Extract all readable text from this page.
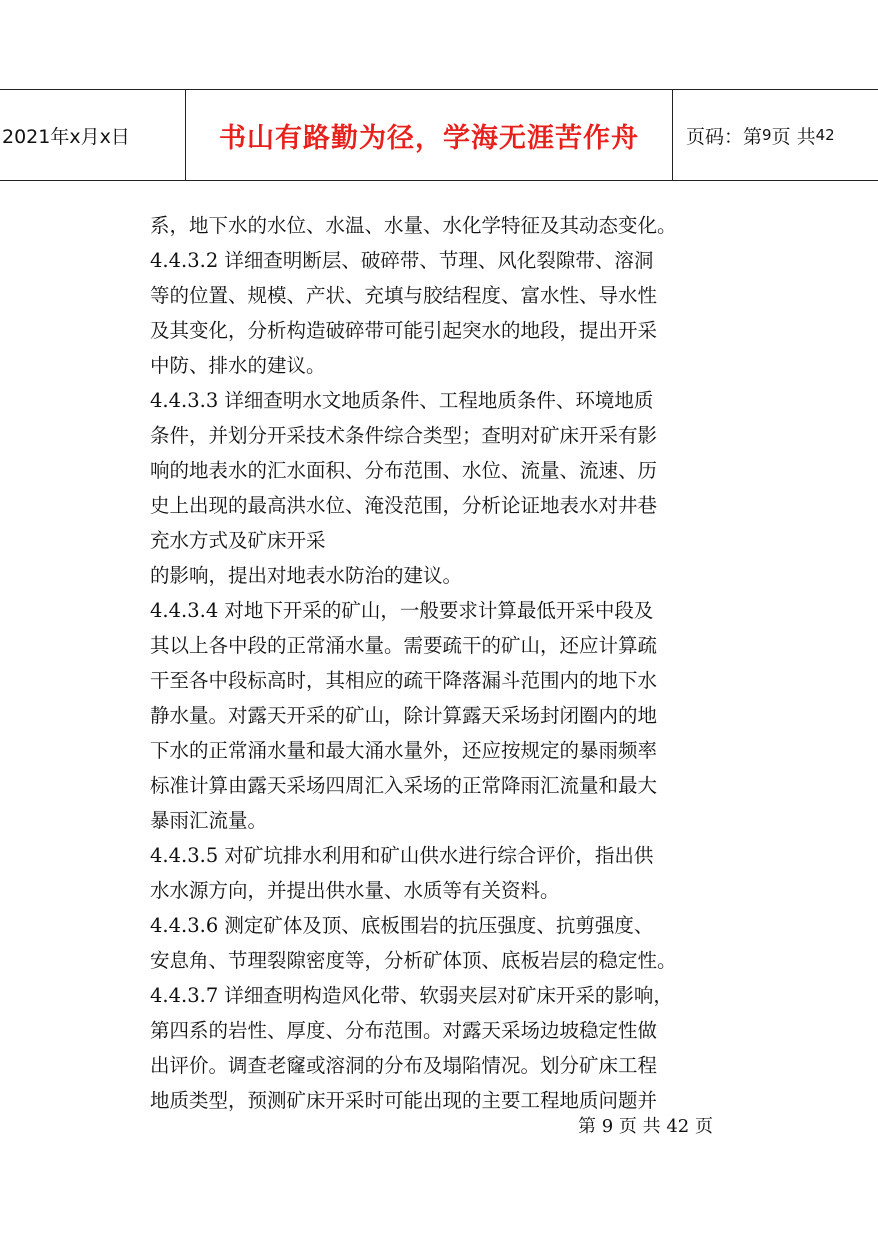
2021年x月x日	书山有路勤为径，学海无涯苦作舟	页码：第 9 页 共 42
系，地下水的水位、水温、水量、水化学特征及其动态变化。
4.4.3.2 详细查明断层、破碎带、节理、风化裂隙带、溶洞
等的位置、规模、产状、充填与胶结程度、富水性、导水性
及其变化，分析构造破碎带可能引起突水的地段，提出开采
中防、排水的建议。
4.4.3.3 详细查明水文地质条件、工程地质条件、环境地质
条件，并划分开采技术条件综合类型；查明对矿床开采有影
响的地表水的汇水面积、分布范围、水位、流量、流速、历
史上出现的最高洪水位、淹没范围，分析论证地表水对井巷
充水方式及矿床开采
的影响，提出对地表水防治的建议。
4.4.3.4 对地下开采的矿山，一般要求计算最低开采中段及
其以上各中段的正常涌水量。需要疏干的矿山，还应计算疏
干至各中段标高时，其相应的疏干降落漏斗范围内的地下水
静水量。对露天开采的矿山，除计算露天采场封闭圈内的地
下水的正常涌水量和最大涌水量外，还应按规定的暴雨频率
标准计算由露天采场四周汇入采场的正常降雨汇流量和最大
暴雨汇流量。
4.4.3.5 对矿坑排水利用和矿山供水进行综合评价，指出供
水水源方向，并提出供水量、水质等有关资料。
4.4.3.6 测定矿体及顶、底板围岩的抗压强度、抗剪强度、
安息角、节理裂隙密度等，分析矿体顶、底板岩层的稳定性。
4.4.3.7 详细查明构造风化带、软弱夹层对矿床开采的影响，
第四系的岩性、厚度、分布范围。对露天采场边坡稳定性做
出评价。调查老窿或溶洞的分布及塌陷情况。划分矿床工程
地质类型，预测矿床开采时可能出现的主要工程地质问题并
第 9 页 共 42 页
